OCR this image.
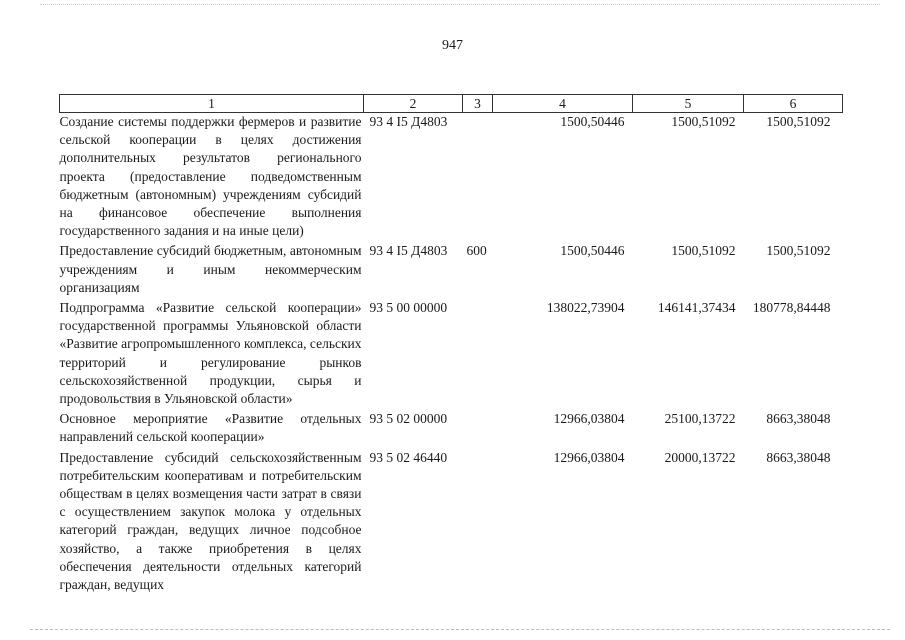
947
1	2	3	4	5	6
Создание системы поддержки фермеров и развитие сельской кооперации в целях достижения дополнительных результатов регионального проекта (предоставление подведомственным бюджетным (автономным) учреждениям субсидий на финансовое обеспечение выполнения государственного задания и на иные цели)	93 4 I5 Д4803		1500,50446	1500,51092	1500,51092
Предоставление субсидий бюджетным, автономным учреждениям и иным некоммерческим организациям	93 4 I5 Д4803	600	1500,50446	1500,51092	1500,51092
Подпрограмма «Развитие сельской кооперации» государственной программы Ульяновской области «Развитие агропромышленного комплекса, сельских территорий и регулирование рынков сельскохозяйственной продукции, сырья и продовольствия в Ульяновской области»	93 5 00 00000		138022,73904	146141,37434	180778,84448
Основное мероприятие «Развитие отдельных направлений сельской кооперации»	93 5 02 00000		12966,03804	25100,13722	8663,38048
Предоставление субсидий сельскохозяйственным потребительским кооперативам и потребительским обществам в целях возмещения части затрат в связи с осуществлением закупок молока у отдельных категорий граждан, ведущих личное подсобное хозяйство, а также приобретения в целях обеспечения деятельности отдельных категорий граждан, ведущих	93 5 02 46440		12966,03804	20000,13722	8663,38048
